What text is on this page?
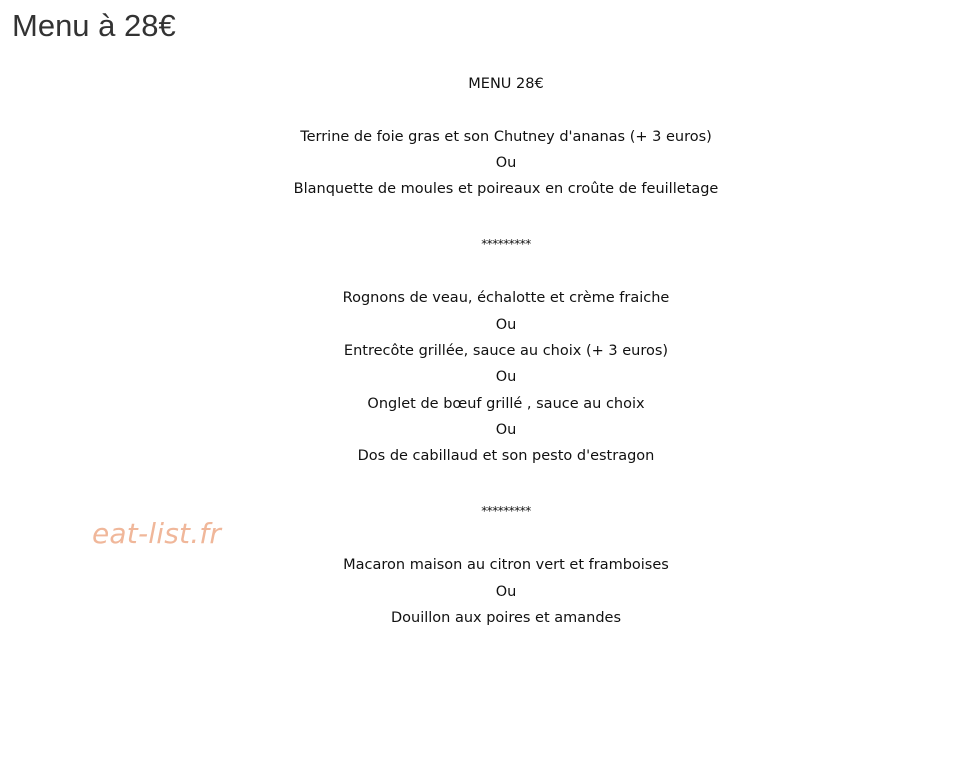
Menu à 28€
MENU 28€
Terrine de foie gras et son Chutney d'ananas (+ 3 euros)
Ou
Blanquette de moules et poireaux en croûte de feuilletage
*********
Rognons de veau, échalotte et crème fraiche
Ou
Entrecôte grillée, sauce au choix (+ 3 euros)
Ou
Onglet de bœuf grillé , sauce au choix
Ou
Dos de cabillaud et son pesto d'estragon
*********
Macaron maison au citron vert et framboises
Ou
Douillon aux poires et amandes
eat-list.fr
